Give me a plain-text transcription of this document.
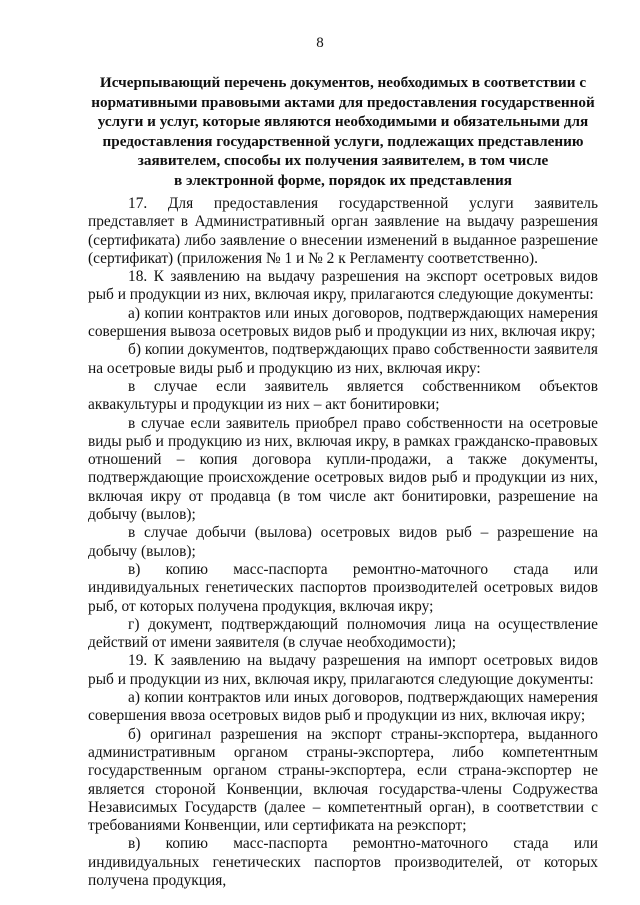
8
Исчерпывающий перечень документов, необходимых в соответствии с
нормативными правовыми актами для предоставления государственной
услуги и услуг, которые являются необходимыми и обязательными для
предоставления государственной услуги, подлежащих представлению
заявителем, способы их получения заявителем, в том числе
в электронной форме, порядок их представления

17. Для предоставления государственной услуги заявитель представляет в Административный орган заявление на выдачу разрешения (сертификата) либо заявление о внесении изменений в выданное разрешение (сертификат) (приложения № 1 и № 2 к Регламенту соответственно).

18. К заявлению на выдачу разрешения на экспорт осетровых видов рыб и продукции из них, включая икру, прилагаются следующие документы:

а) копии контрактов или иных договоров, подтверждающих намерения совершения вывоза осетровых видов рыб и продукции из них, включая икру;

б) копии документов, подтверждающих право собственности заявителя на осетровые виды рыб и продукцию из них, включая икру:

в случае если заявитель является собственником объектов аквакультуры и продукции из них – акт бонитировки;

в случае если заявитель приобрел право собственности на осетровые виды рыб и продукцию из них, включая икру, в рамках гражданско-правовых отношений – копия договора купли-продажи, а также документы, подтверждающие происхождение осетровых видов рыб и продукции из них, включая икру от продавца (в том числе акт бонитировки, разрешение на добычу (вылов);

в случае добычи (вылова) осетровых видов рыб – разрешение на добычу (вылов);

в) копию масс-паспорта ремонтно-маточного стада или индивидуальных генетических паспортов производителей осетровых видов рыб, от которых получена продукция, включая икру;

г) документ, подтверждающий полномочия лица на осуществление действий от имени заявителя (в случае необходимости);

19. К заявлению на выдачу разрешения на импорт осетровых видов рыб и продукции из них, включая икру, прилагаются следующие документы:

а) копии контрактов или иных договоров, подтверждающих намерения совершения ввоза осетровых видов рыб и продукции из них, включая икру;

б) оригинал разрешения на экспорт страны-экспортера, выданного административным органом страны-экспортера, либо компетентным государственным органом страны-экспортера, если страна-экспортер не является стороной Конвенции, включая государства-члены Содружества Независимых Государств (далее – компетентный орган), в соответствии с требованиями Конвенции, или сертификата на реэкспорт;

в) копию масс-паспорта ремонтно-маточного стада или индивидуальных генетических паспортов производителей, от которых получена продукция,
